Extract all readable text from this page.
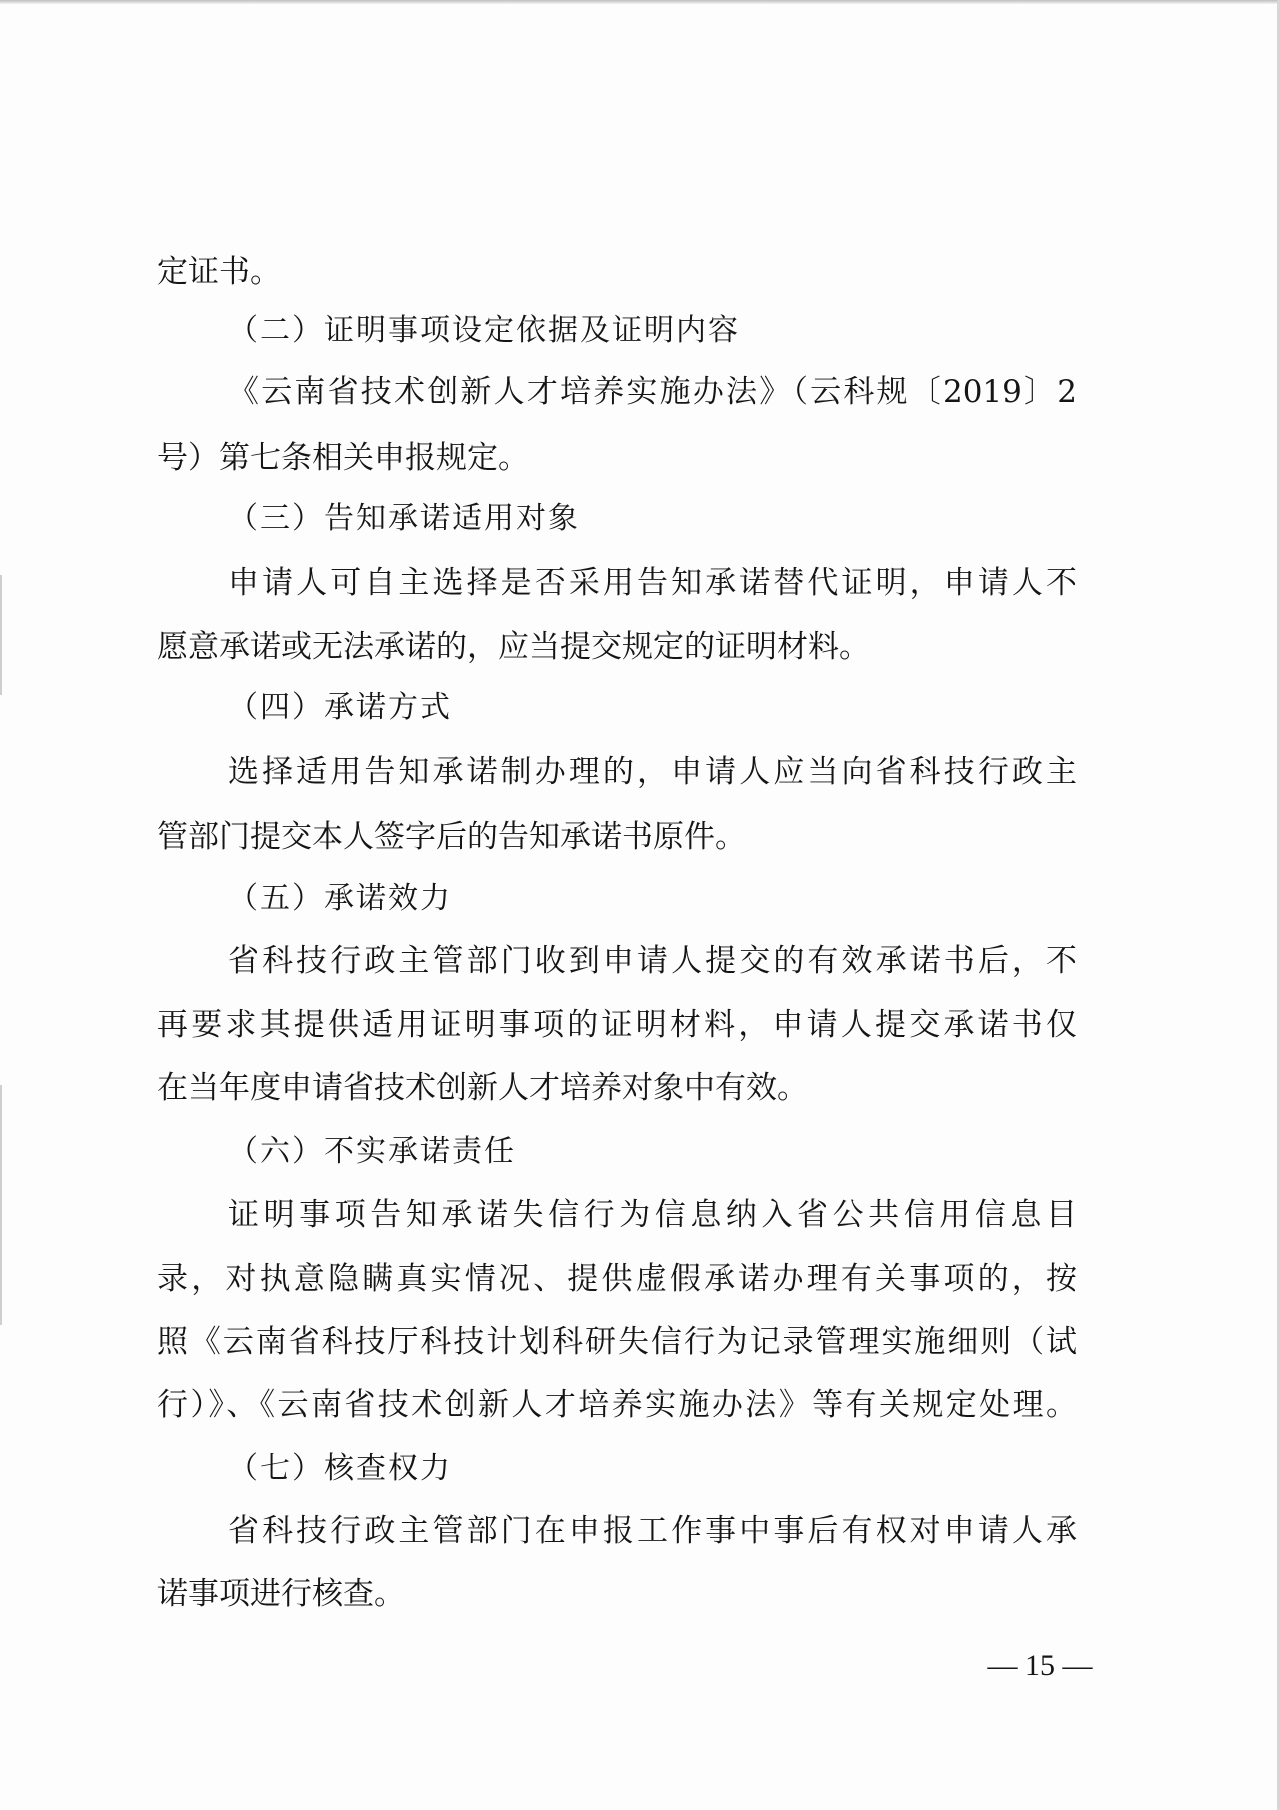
定证书。
（二）证明事项设定依据及证明内容
《云南省技术创新人才培养实施办法》（云科规〔2019〕2
号）第七条相关申报规定。
（三）告知承诺适用对象
申请人可自主选择是否采用告知承诺替代证明，申请人不
愿意承诺或无法承诺的，应当提交规定的证明材料。
（四）承诺方式
选择适用告知承诺制办理的，申请人应当向省科技行政主
管部门提交本人签字后的告知承诺书原件。
（五）承诺效力
省科技行政主管部门收到申请人提交的有效承诺书后，不
再要求其提供适用证明事项的证明材料，申请人提交承诺书仅
在当年度申请省技术创新人才培养对象中有效。
（六）不实承诺责任
证明事项告知承诺失信行为信息纳入省公共信用信息目
录，对执意隐瞒真实情况、提供虚假承诺办理有关事项的，按
照《云南省科技厅科技计划科研失信行为记录管理实施细则（试
行）》、《云南省技术创新人才培养实施办法》等有关规定处理。
（七）核查权力
省科技行政主管部门在申报工作事中事后有权对申请人承
诺事项进行核查。
— 15 —
